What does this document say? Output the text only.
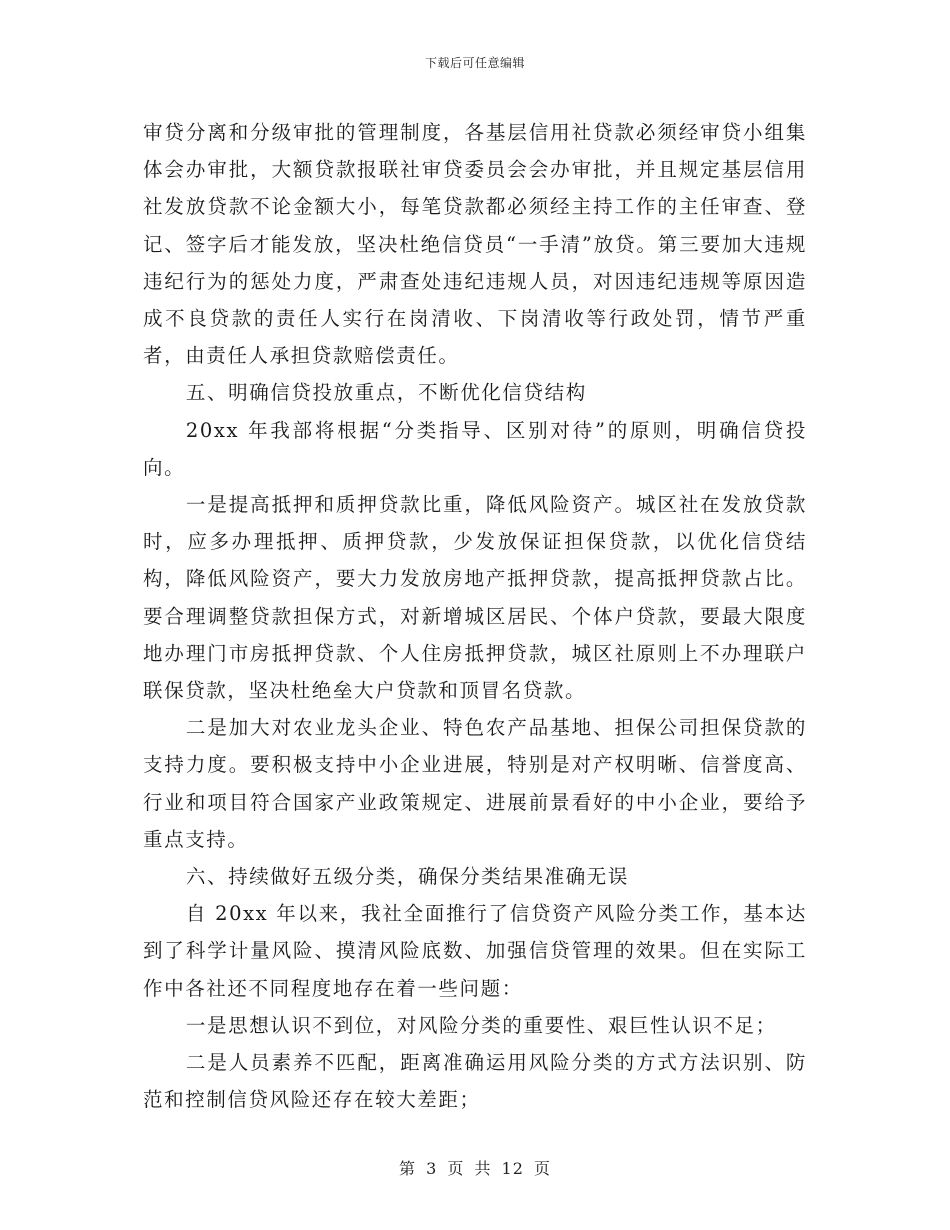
下载后可任意编辑

审贷分离和分级审批的管理制度，各基层信用社贷款必须经审贷小组集体会办审批，大额贷款报联社审贷委员会会办审批，并且规定基层信用社发放贷款不论金额大小，每笔贷款都必须经主持工作的主任审查、登记、签字后才能发放，坚决杜绝信贷员“一手清”放贷。第三要加大违规违纪行为的惩处力度，严肃查处违纪违规人员，对因违纪违规等原因造成不良贷款的责任人实行在岗清收、下岗清收等行政处罚，情节严重者，由责任人承担贷款赔偿责任。

五、明确信贷投放重点，不断优化信贷结构

20xx 年我部将根据“分类指导、区别对待”的原则，明确信贷投向。

一是提高抵押和质押贷款比重，降低风险资产。城区社在发放贷款时，应多办理抵押、质押贷款，少发放保证担保贷款，以优化信贷结构，降低风险资产，要大力发放房地产抵押贷款，提高抵押贷款占比。要合理调整贷款担保方式，对新增城区居民、个体户贷款，要最大限度地办理门市房抵押贷款、个人住房抵押贷款，城区社原则上不办理联户联保贷款，坚决杜绝垒大户贷款和顶冒名贷款。

二是加大对农业龙头企业、特色农产品基地、担保公司担保贷款的支持力度。要积极支持中小企业进展，特别是对产权明晰、信誉度高、行业和项目符合国家产业政策规定、进展前景看好的中小企业，要给予重点支持。

六、持续做好五级分类，确保分类结果准确无误

自 20xx 年以来，我社全面推行了信贷资产风险分类工作，基本达到了科学计量风险、摸清风险底数、加强信贷管理的效果。但在实际工作中各社还不同程度地存在着一些问题：

一是思想认识不到位，对风险分类的重要性、艰巨性认识不足；

二是人员素养不匹配，距离准确运用风险分类的方式方法识别、防范和控制信贷风险还存在较大差距；

第 3 页 共 12 页
